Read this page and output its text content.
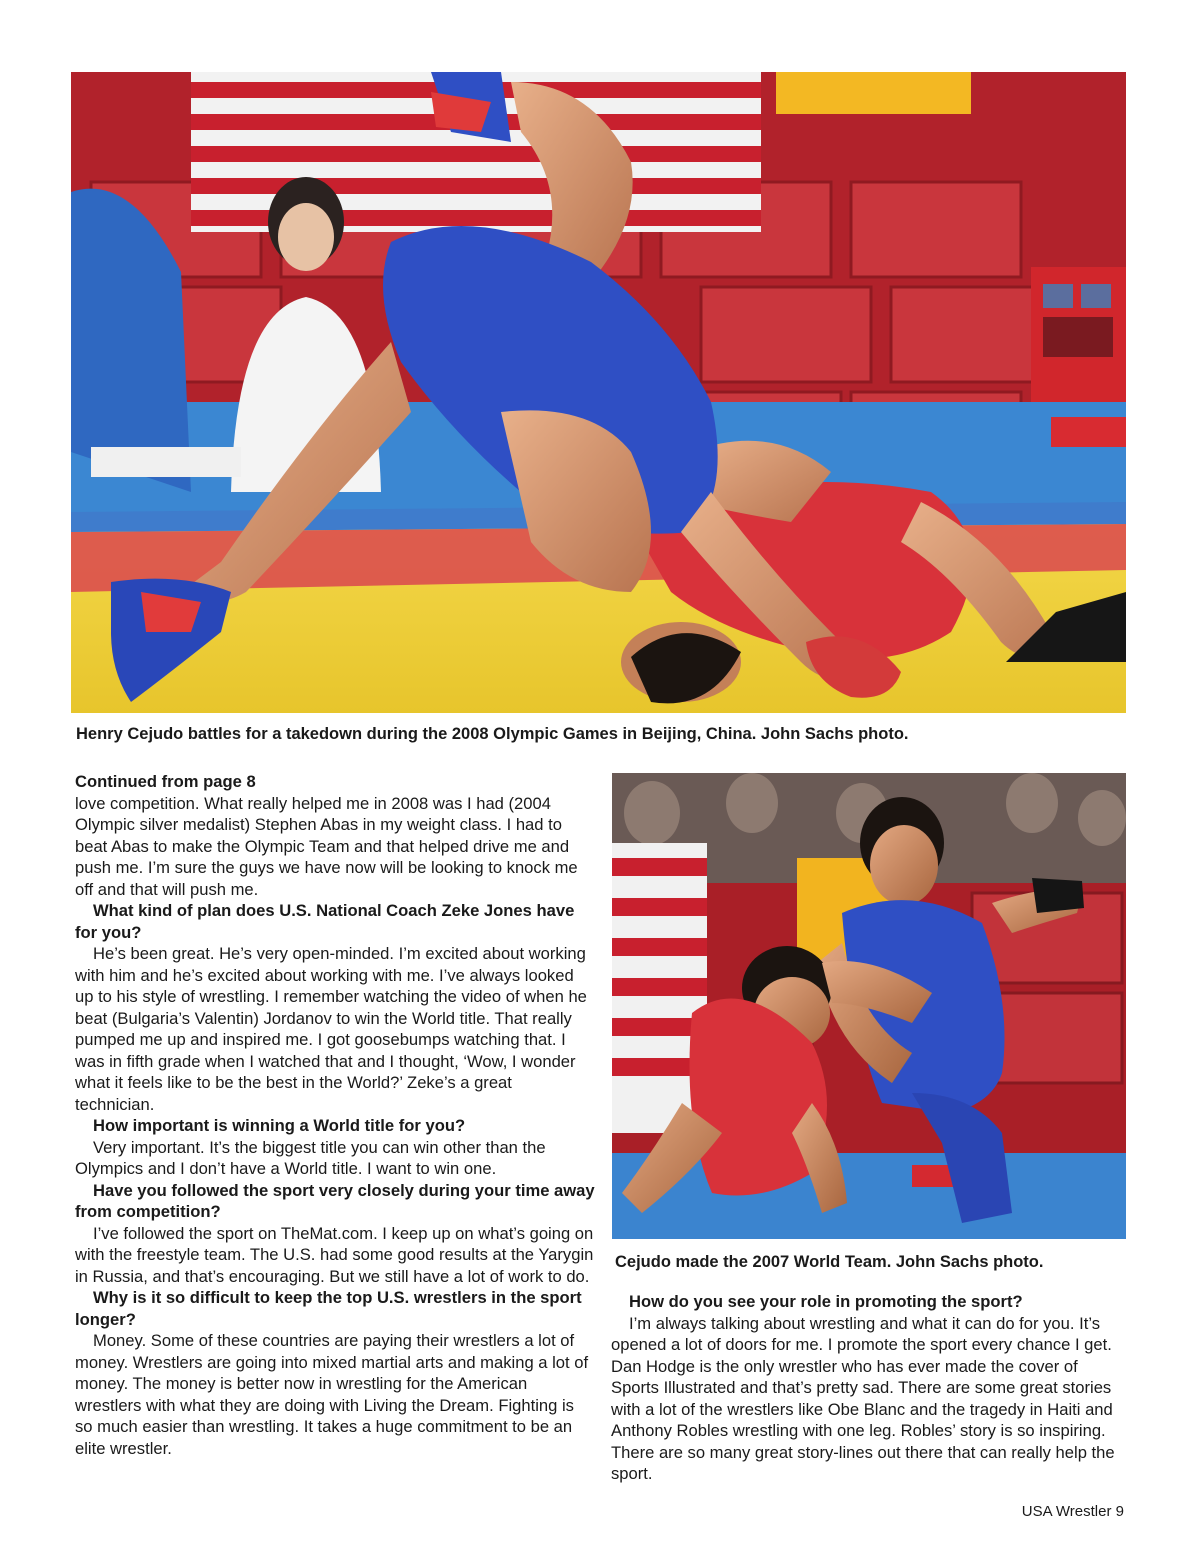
Henry Cejudo battles for a takedown during the 2008 Olympic Games in Beijing, China. John Sachs photo.

Continued from page 8

love competition. What really helped me in 2008 was I had (2004 Olympic silver medalist) Stephen Abas in my weight class. I had to beat Abas to make the Olympic Team and that helped drive me and push me. I’m sure the guys we have now will be looking to knock me off and that will push me.

What kind of plan does U.S. National Coach Zeke Jones have for you?

He’s been great. He’s very open-minded. I’m excited about working with him and he’s excited about working with me. I’ve always looked up to his style of wrestling. I remember watching the video of when he beat (Bulgaria’s Valentin) Jordanov to win the World title. That really pumped me up and inspired me. I got goosebumps watching that. I was in fifth grade when I watched that and I thought, ‘Wow, I wonder what it feels like to be the best in the World?’ Zeke’s a great technician.

How important is winning a World title for you?

Very important. It’s the biggest title you can win other than the Olympics and I don’t have a World title. I want to win one.

Have you followed the sport very closely during your time away from competition?

I’ve followed the sport on TheMat.com. I keep up on what’s going on with the freestyle team. The U.S. had some good results at the Yarygin in Russia, and that’s encouraging. But we still have a lot of work to do.

Why is it so difficult to keep the top U.S. wrestlers in the sport longer?

Money. Some of these countries are paying their wrestlers a lot of money. Wrestlers are going into mixed martial arts and making a lot of money. The money is better now in wrestling for the American wrestlers with what they are doing with Living the Dream. Fighting is so much easier than wrestling. It takes a huge commitment to be an elite wrestler.

Cejudo made the 2007 World Team. John Sachs photo.

How do you see your role in promoting the sport?

I’m always talking about wrestling and what it can do for you. It’s opened a lot of doors for me. I promote the sport every chance I get. Dan Hodge is the only wrestler who has ever made the cover of Sports Illustrated and that’s pretty sad. There are some great stories with a lot of the wrestlers like Obe Blanc and the tragedy in Haiti and Anthony Robles wrestling with one leg. Robles’ story is so inspiring. There are so many great story-lines out there that can really help the sport.

USA Wrestler 9
